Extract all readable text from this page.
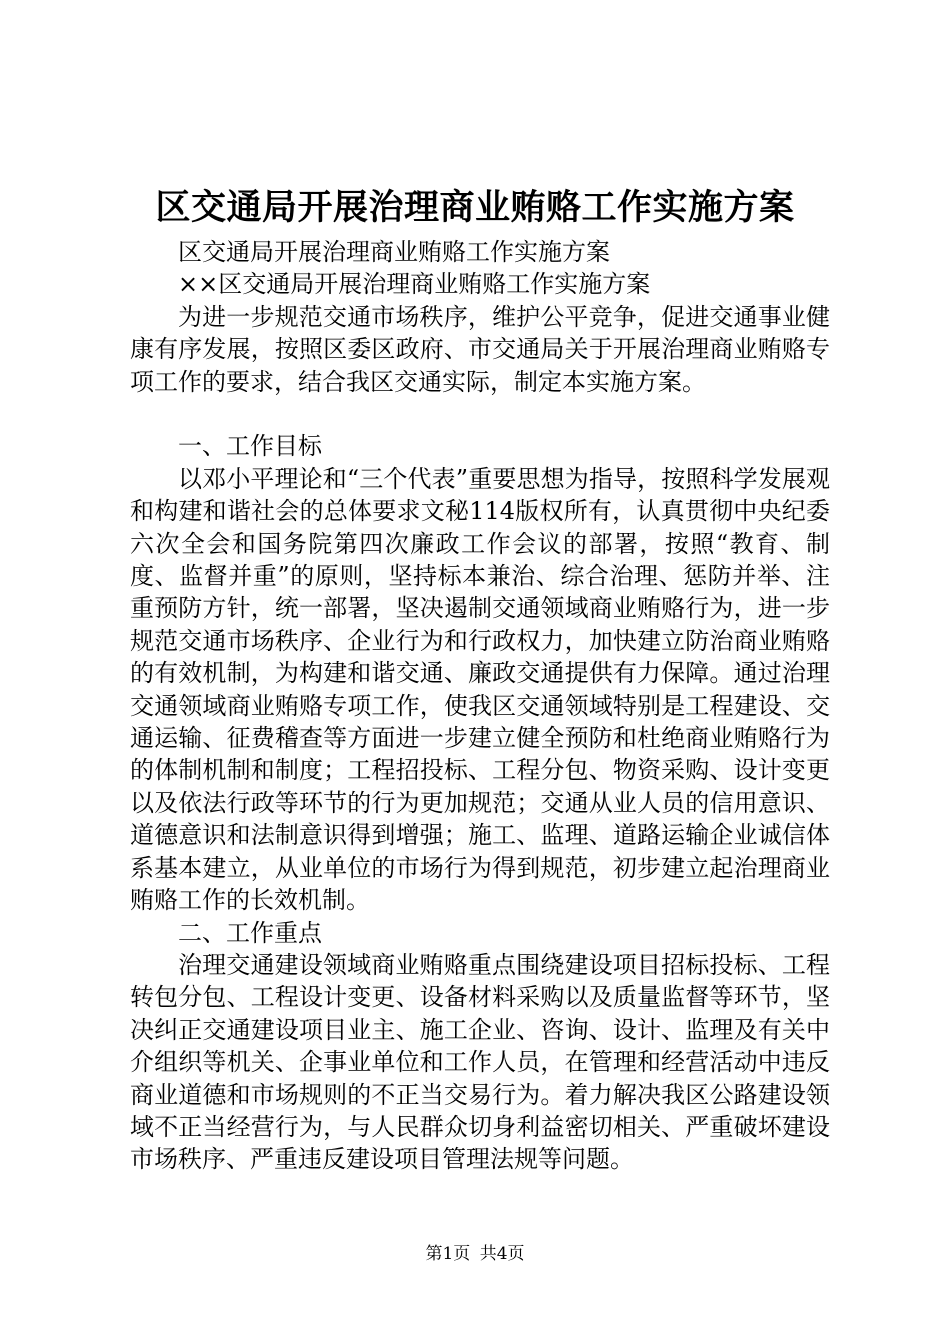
区交通局开展治理商业贿赂工作实施方案

区交通局开展治理商业贿赂工作实施方案

××区交通局开展治理商业贿赂工作实施方案

为进一步规范交通市场秩序，维护公平竞争，促进交通事业健康有序发展，按照区委区政府、市交通局关于开展治理商业贿赂专项工作的要求，结合我区交通实际，制定本实施方案。

一、工作目标

以邓小平理论和“三个代表”重要思想为指导，按照科学发展观和构建和谐社会的总体要求文秘114版权所有，认真贯彻中央纪委六次全会和国务院第四次廉政工作会议的部署，按照“教育、制度、监督并重”的原则，坚持标本兼治、综合治理、惩防并举、注重预防方针，统一部署，坚决遏制交通领域商业贿赂行为，进一步规范交通市场秩序、企业行为和行政权力，加快建立防治商业贿赂的有效机制，为构建和谐交通、廉政交通提供有力保障。通过治理交通领域商业贿赂专项工作，使我区交通领域特别是工程建设、交通运输、征费稽查等方面进一步建立健全预防和杜绝商业贿赂行为的体制机制和制度；工程招投标、工程分包、物资采购、设计变更以及依法行政等环节的行为更加规范；交通从业人员的信用意识、道德意识和法制意识得到增强；施工、监理、道路运输企业诚信体系基本建立，从业单位的市场行为得到规范，初步建立起治理商业贿赂工作的长效机制。

二、工作重点

治理交通建设领域商业贿赂重点围绕建设项目招标投标、工程转包分包、工程设计变更、设备材料采购以及质量监督等环节，坚决纠正交通建设项目业主、施工企业、咨询、设计、监理及有关中介组织等机关、企事业单位和工作人员，在管理和经营活动中违反商业道德和市场规则的不正当交易行为。着力解决我区公路建设领域不正当经营行为，与人民群众切身利益密切相关、严重破坏建设市场秩序、严重违反建设项目管理法规等问题。

第1页 共4页
